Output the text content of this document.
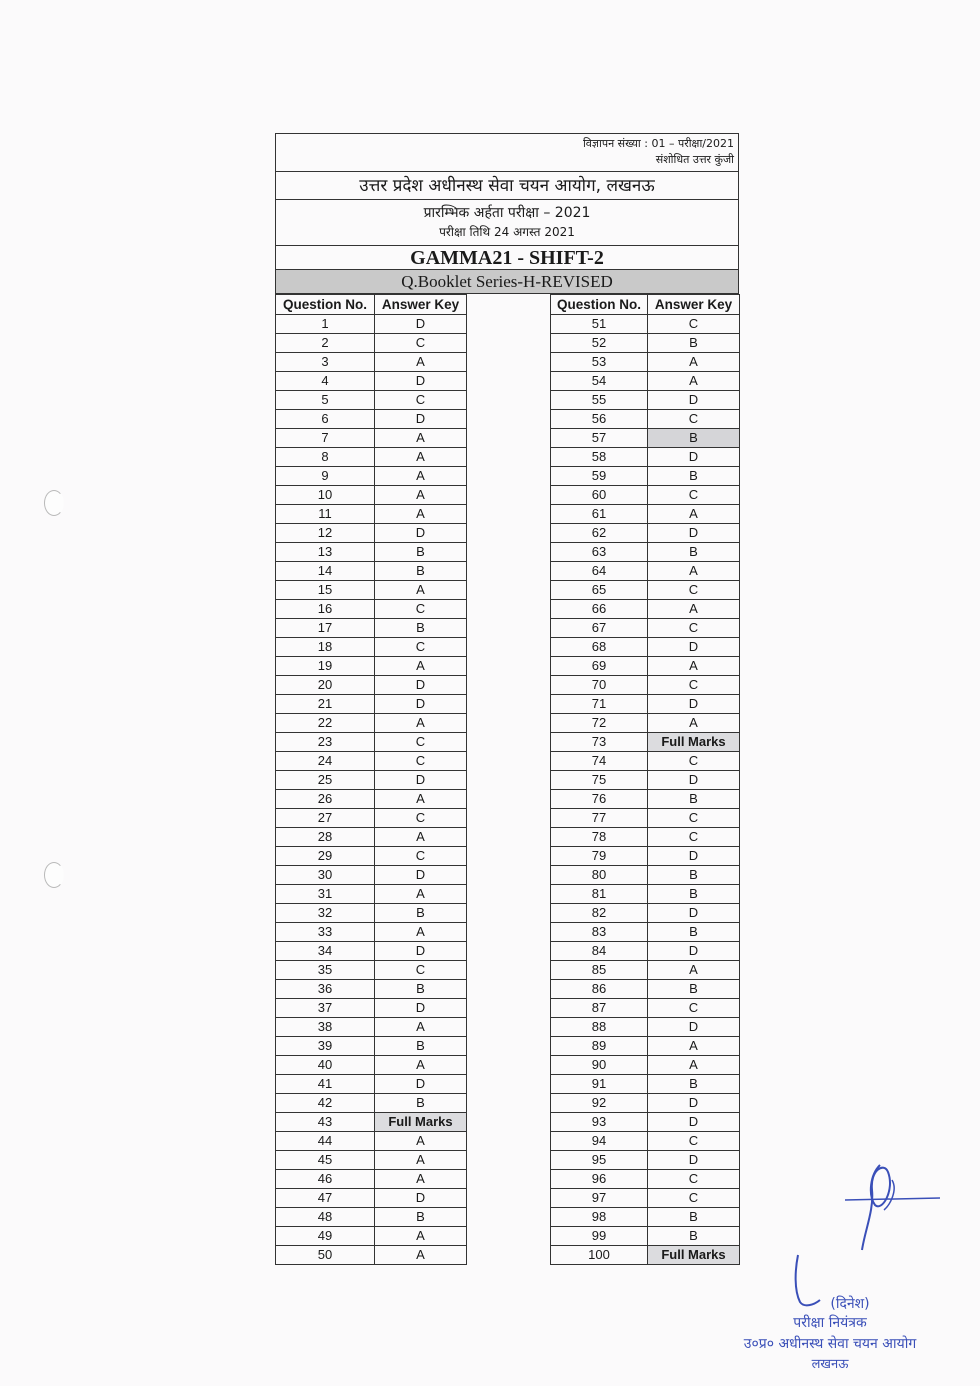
विज्ञापन संख्या : 01 – परीक्षा/2021
संशोधित उत्तर कुंजी
उत्तर प्रदेश अधीनस्थ सेवा चयन आयोग, लखनऊ
प्रारम्भिक अर्हता परीक्षा – 2021
परीक्षा तिथि 24 अगस्त 2021
GAMMA21 - SHIFT-2
Q.Booklet Series-H-REVISED
Question No.	Answer Key
1	D
2	C
3	A
4	D
5	C
6	D
7	A
8	A
9	A
10	A
11	A
12	D
13	B
14	B
15	A
16	C
17	B
18	C
19	A
20	D
21	D
22	A
23	C
24	C
25	D
26	A
27	C
28	A
29	C
30	D
31	A
32	B
33	A
34	D
35	C
36	B
37	D
38	A
39	B
40	A
41	D
42	B
43	Full Marks
44	A
45	A
46	A
47	D
48	B
49	A
50	A
Question No.	Answer Key
51	C
52	B
53	A
54	A
55	D
56	C
57	B
58	D
59	B
60	C
61	A
62	D
63	B
64	A
65	C
66	A
67	C
68	D
69	A
70	C
71	D
72	A
73	Full Marks
74	C
75	D
76	B
77	C
78	C
79	D
80	B
81	B
82	D
83	B
84	D
85	A
86	B
87	C
88	D
89	A
90	A
91	B
92	D
93	D
94	C
95	D
96	C
97	C
98	B
99	B
100	Full Marks
(दिनेश)
परीक्षा नियंत्रक
उ०प्र० अधीनस्थ सेवा चयन आयोग
लखनऊ
